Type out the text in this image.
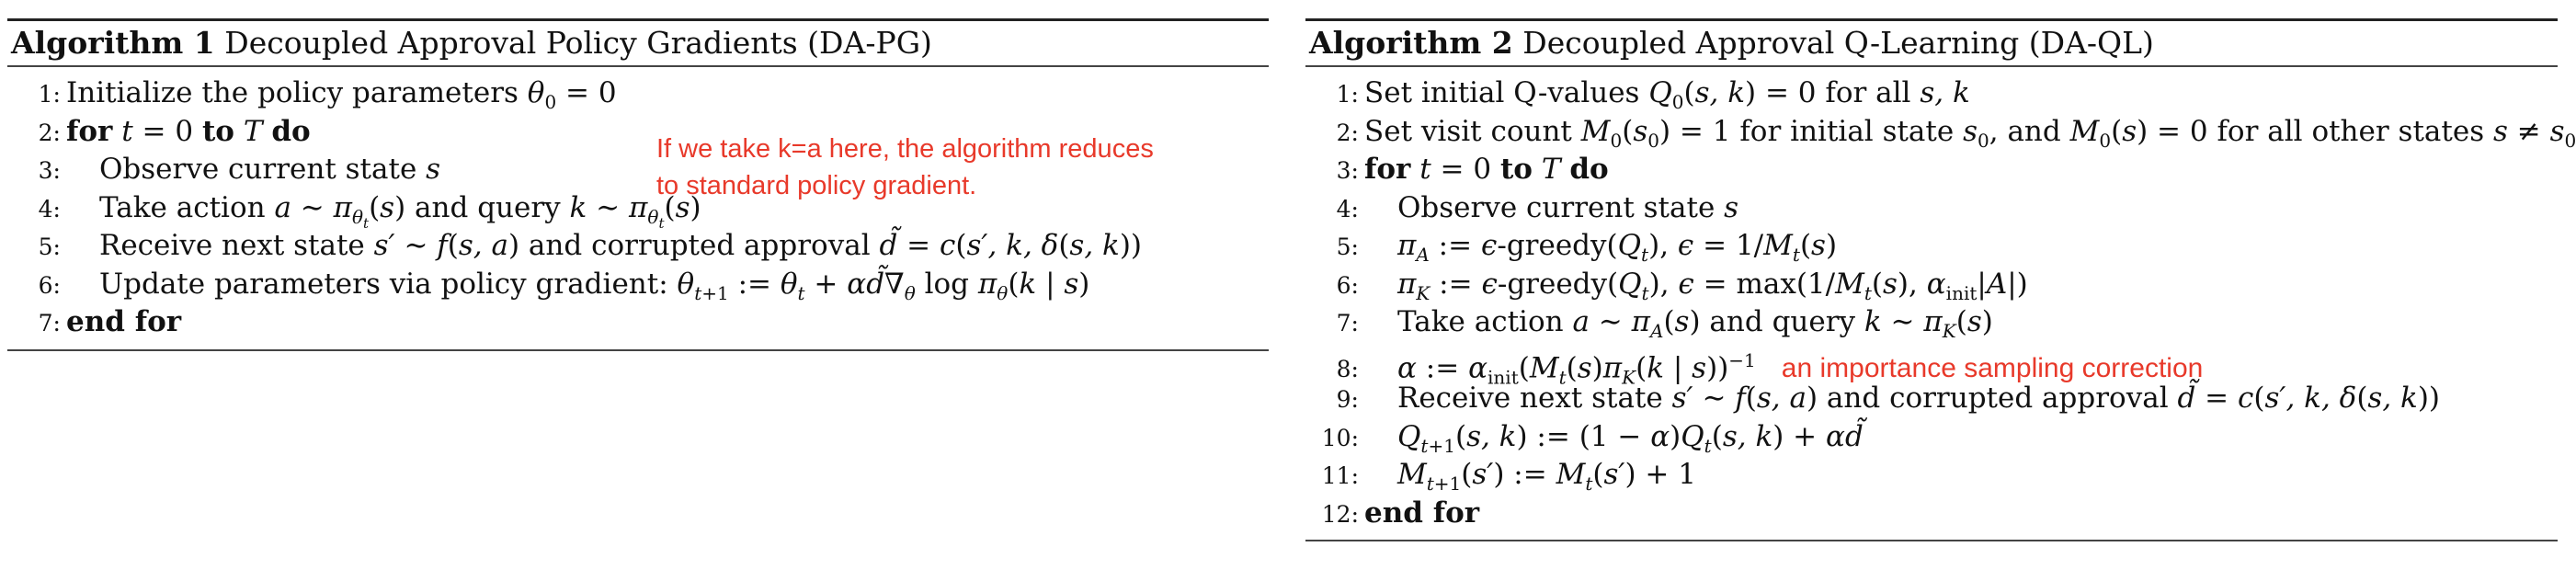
Algorithm 1 Decoupled Approval Policy Gradients (DA-PG)
1: Initialize the policy parameters $\theta_0 = 0$
2: for t = 0 to T do
3: Observe current state s
4: Take action a ∼ $\pi_{\theta_t}(s)$ and query k ∼ $\pi_{\theta_t}(s)$
5: Receive next state s′ ∼ f(s, a) and corrupted approval d̃ = c(s′, k, δ(s, k))
6: Update parameters via policy gradient: $\theta_{t+1}$ := $\theta_t$ + $\alpha d̃\nabla_\theta$ $\log \pi_\theta(k$ | s)
7: end for
If we take k=a here, the algorithm reduces
to standard policy gradient.
Algorithm 2 Decoupled Approval Q-Learning (DA-QL)
1: Set initial Q-values $Q_0(s$, k) = 0 for all s, k
2: Set visit count $M_0(s_0) = 1$ for initial state $s_0$, and $M_0(s) = 0$ for all other states $s \ne s_0$
3: for t = 0 to T do
4: Observe current state s
5: $\pi_A$ := $\epsilon-greedy(Q_t)$, $\epsilon = 1/M_t(s)$
6: $\pi_K$ := $\epsilon-greedy(Q_t)$, $\epsilon = \max(1/M_t(s)$, $\alpha_{init}|A|$)
7: Take action a ∼ $\pi_A(s)$ and query k ∼ $\pi_K(s)$
8: α := $\alpha_{init}(M_t(s)\pi_K(k$ | s))$^{-1}$ an importance sampling correction
9: Receive next state s′ ∼ f(s, a) and corrupted approval d̃ = c(s′, k, δ(s, k))
10: $Q_{t+1}(s$, k) := $(1 - \alpha)Q_t(s$, k) + αd̃
11: $M_{t+1}(s')$ := $M_t(s') + 1$
12: end for
